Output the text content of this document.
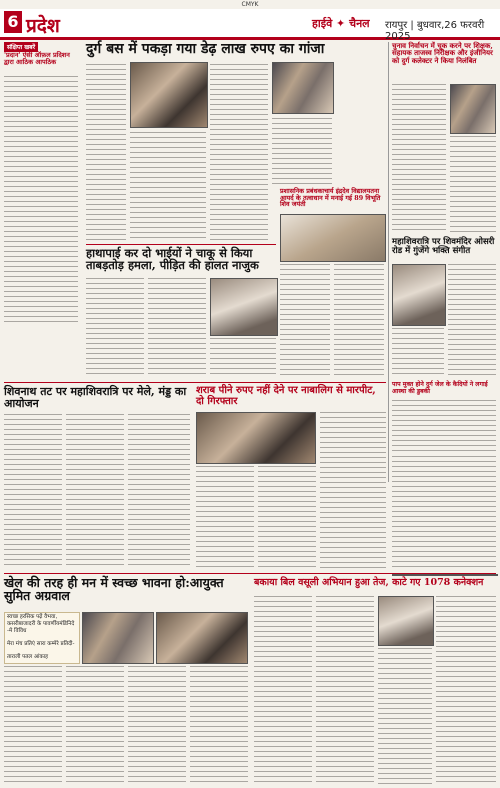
CMYK
6 प्रदेश	हाईवे ✦ चैनल रायपुर | बुधवार,26 फरवरी 2025
संक्षिप्त खबरें
'प्रदान' ऐसी ऑफ़ल प्रदिशन द्वारा आठिक आपठिक
दुर्ग बस में पकड़ा गया डेढ़ लाख रुपए का गांजा
हाथापाई कर दो भाईयों ने चाकू से किया ताबड़तोड़ हमला, पीड़ित की हालत नाजुक
प्रशासनिक प्रबंधकाचार्य इंद्रदेव विद्यालयतना आयर्द के तत्वाधान में मनाई गई 89 विभूति शिव जयंती
चुनाव निर्वाचन में चूक करने पर शिक्षक, सहायक ताजस्व निरीक्षक और इंजीनियर को दुर्ग कलेक्टर ने किया निलंबित
महाशिवरात्रि पर शिवमंदिर ओसरी रोड में गुंजेंगे भक्ति संगीत
पाप मुक्त होने दुर्ग जेल के कैदियों ने लगाई आस्था की डुबकी
शिवनाथ तट पर महाशिवरात्रि पर मेले, मंड्ड का आयोजन
शराब पीने रुपए नहीं देने पर नाबालिग से मारपीट, दो गिरफ्तार
खेल की तरह ही मन में स्वच्छ भावना हो:आयुक्त सुमित अग्रवाल
स्वच्छ हरसिक पढ़ें वैभवा,
कसरीबाजादरी के पावर्णीयमंडिनिदे -मे विविध
मेरा मंच प्रतिएं सारा कम्मेरे प्रतिदी-
ताराली पतल आंकाह
बकाया बिल वसूली अभियान हुआ तेज, काटे गए 1078 कनेक्शन
